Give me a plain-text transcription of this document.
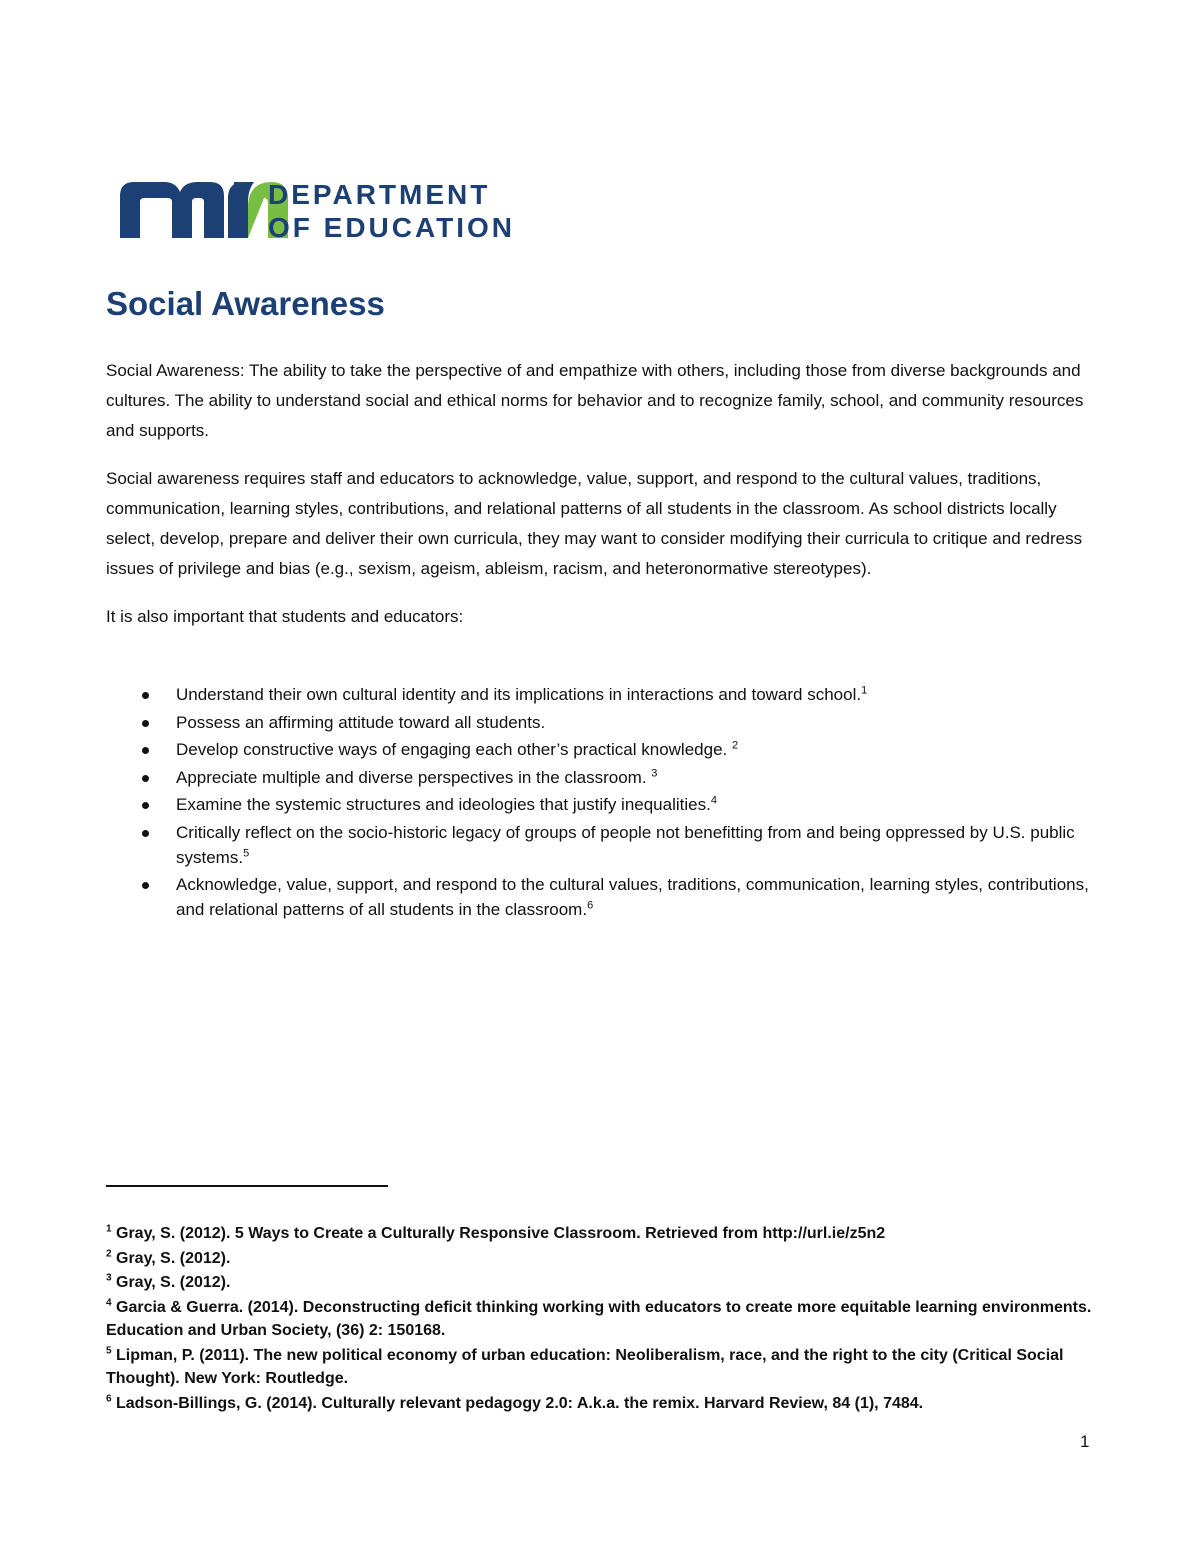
DEPARTMENT
OF EDUCATION
Social Awareness

Social Awareness: The ability to take the perspective of and empathize with others, including those from diverse backgrounds and cultures. The ability to understand social and ethical norms for behavior and to recognize family, school, and community resources and supports.

Social awareness requires staff and educators to acknowledge, value, support, and respond to the cultural values, traditions, communication, learning styles, contributions, and relational patterns of all students in the classroom. As school districts locally select, develop, prepare and deliver their own curricula, they may want to consider modifying their curricula to critique and redress issues of privilege and bias (e.g., sexism, ageism, ableism, racism, and heteronormative stereotypes).

It is also important that students and educators:

Understand their own cultural identity and its implications in interactions and toward school.$^1$
Possess an affirming attitude toward all students.
Develop constructive ways of engaging each other’s practical knowledge. $^2$
Appreciate multiple and diverse perspectives in the classroom. $^3$
Examine the systemic structures and ideologies that justify inequalities.$^4$
Critically reflect on the socio-historic legacy of groups of people not benefitting from and being oppressed by U.S. public systems.$^5$
Acknowledge, value, support, and respond to the cultural values, traditions, communication, learning styles, contributions, and relational patterns of all students in the classroom.$^6$
$^1$ Gray, S. (2012). 5 Ways to Create a Culturally Responsive Classroom. Retrieved from http://url.ie/z5n2
$^2$ Gray, S. (2012).
$^3$ Gray, S. (2012).
$^4$ Garcia & Guerra. (2014). Deconstructing deficit thinking working with educators to create more equitable learning environments. Education and Urban Society, (36) 2: 150168.
$^5$ Lipman, P. (2011). The new political economy of urban education: Neoliberalism, race, and the right to the city (Critical Social Thought). New York: Routledge.
$^6$ Ladson-Billings, G. (2014). Culturally relevant pedagogy 2.0: A.k.a. the remix. Harvard Review, 84 (1), 7484.
1
